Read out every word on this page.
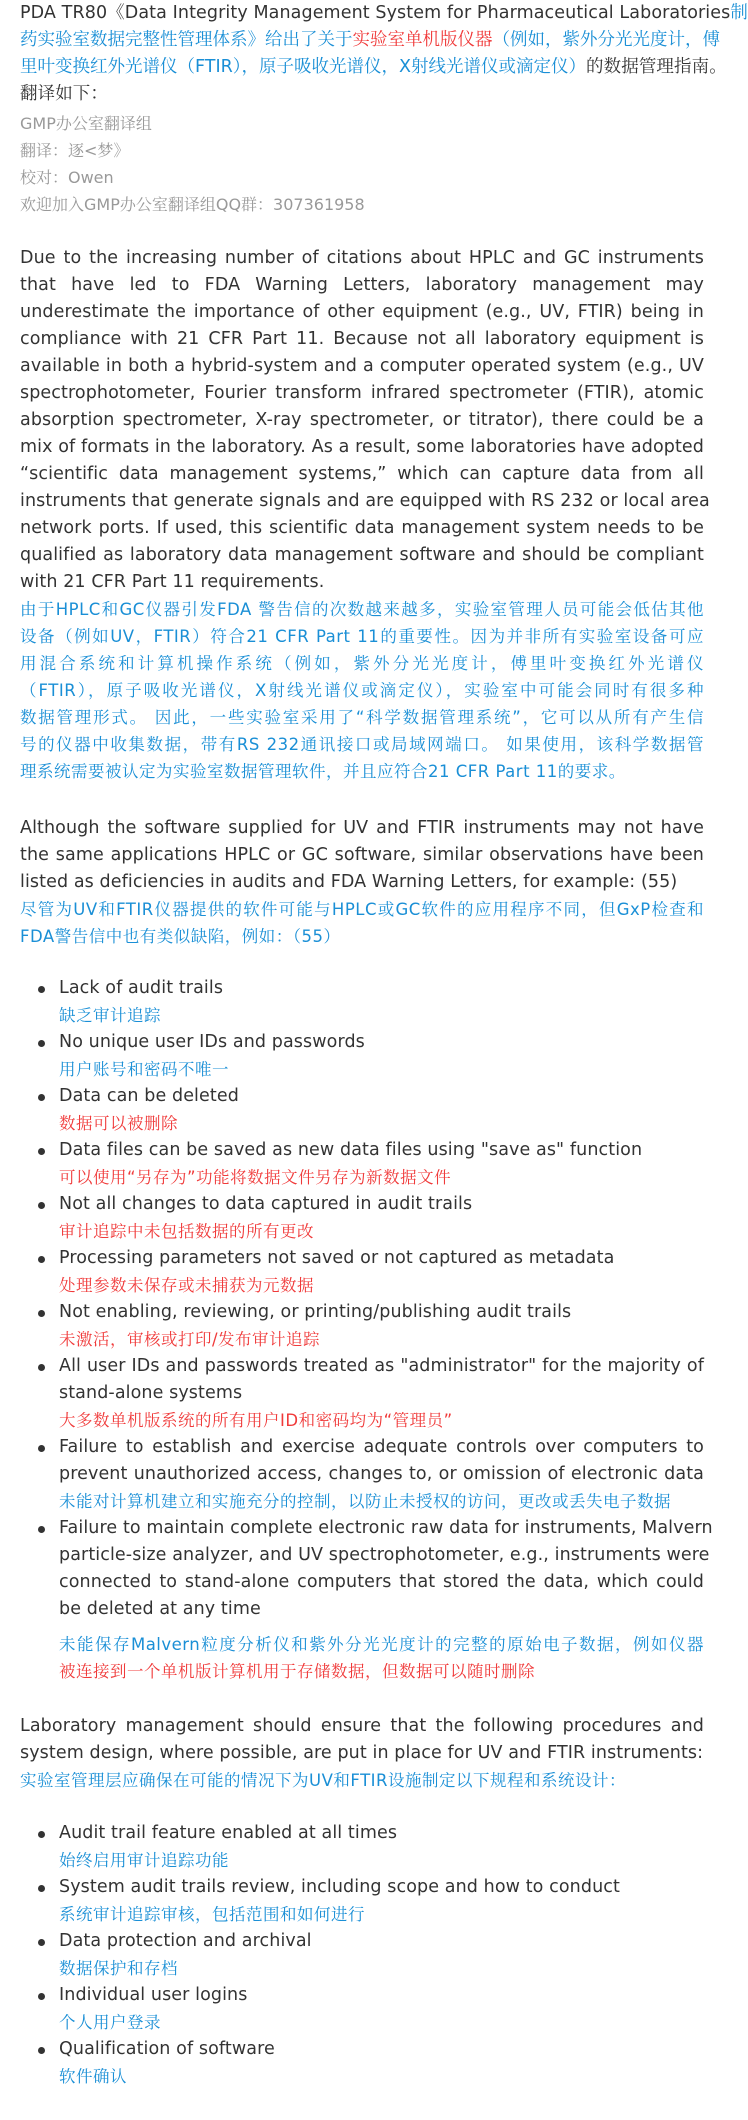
PDA TR80《Data Integrity Management System for Pharmaceutical Laboratories制
药实验室数据完整性管理体系》给出了关于实验室单机版仪器（例如，紫外分光光度计，傅
里叶变换红外光谱仪（FTIR），原子吸收光谱仪，X射线光谱仪或滴定仪）的数据管理指南。
翻译如下：
GMP办公室翻译组
翻译：逐<梦》
校对：Owen
欢迎加入GMP办公室翻译组QQ群：307361958
Due to the increasing number of citations about HPLC and GC instruments
that have led to FDA Warning Letters, laboratory management may
underestimate the importance of other equipment (e.g., UV, FTIR) being in
compliance with 21 CFR Part 11. Because not all laboratory equipment is
available in both a hybrid-system and a computer operated system (e.g., UV
spectrophotometer, Fourier transform infrared spectrometer (FTIR), atomic
absorption spectrometer, X-ray spectrometer, or titrator), there could be a
mix of formats in the laboratory. As a result, some laboratories have adopted
“scientific data management systems,” which can capture data from all
instruments that generate signals and are equipped with RS 232 or local area
network ports. If used, this scientific data management system needs to be
qualified as laboratory data management software and should be compliant
with 21 CFR Part 11 requirements.
由于HPLC和GC仪器引发FDA 警告信的次数越来越多，实验室管理人员可能会低估其他
设备（例如UV，FTIR）符合21 CFR Part 11的重要性。因为并非所有实验室设备可应
用混合系统和计算机操作系统（例如，紫外分光光度计，傅里叶变换红外光谱仪
（FTIR），原子吸收光谱仪，X射线光谱仪或滴定仪），实验室中可能会同时有很多种
数据管理形式。 因此，一些实验室采用了“科学数据管理系统”，它可以从所有产生信
号的仪器中收集数据，带有RS 232通讯接口或局域网端口。 如果使用，该科学数据管
理系统需要被认定为实验室数据管理软件，并且应符合21 CFR Part 11的要求。
Although the software supplied for UV and FTIR instruments may not have
the same applications HPLC or GC software, similar observations have been
listed as deficiencies in audits and FDA Warning Letters, for example: (55)
尽管为UV和FTIR仪器提供的软件可能与HPLC或GC软件的应用程序不同，但GxP检查和
FDA警告信中也有类似缺陷，例如：（55）
Lack of audit trails
缺乏审计追踪
No unique user IDs and passwords
用户账号和密码不唯一
Data can be deleted
数据可以被删除
Data files can be saved as new data files using "save as" function
可以使用“另存为”功能将数据文件另存为新数据文件
Not all changes to data captured in audit trails
审计追踪中未包括数据的所有更改
Processing parameters not saved or not captured as metadata
处理参数未保存或未捕获为元数据
Not enabling, reviewing, or printing/publishing audit trails
未激活，审核或打印/发布审计追踪
All user IDs and passwords treated as "administrator" for the majority of
stand-alone systems
大多数单机版系统的所有用户ID和密码均为“管理员”
Failure to establish and exercise adequate controls over computers to
prevent unauthorized access, changes to, or omission of electronic data
未能对计算机建立和实施充分的控制，以防止未授权的访问，更改或丢失电子数据
Failure to maintain complete electronic raw data for instruments, Malvern
particle-size analyzer, and UV spectrophotometer, e.g., instruments were
connected to stand-alone computers that stored the data, which could
be deleted at any time
未能保存Malvern粒度分析仪和紫外分光光度计的完整的原始电子数据，例如仪器
被连接到一个单机版计算机用于存储数据，但数据可以随时删除
Laboratory management should ensure that the following procedures and
system design, where possible, are put in place for UV and FTIR instruments:
实验室管理层应确保在可能的情况下为UV和FTIR设施制定以下规程和系统设计：
Audit trail feature enabled at all times
始终启用审计追踪功能
System audit trails review, including scope and how to conduct
系统审计追踪审核，包括范围和如何进行
Data protection and archival
数据保护和存档
Individual user logins
个人用户登录
Qualification of software
软件确认
